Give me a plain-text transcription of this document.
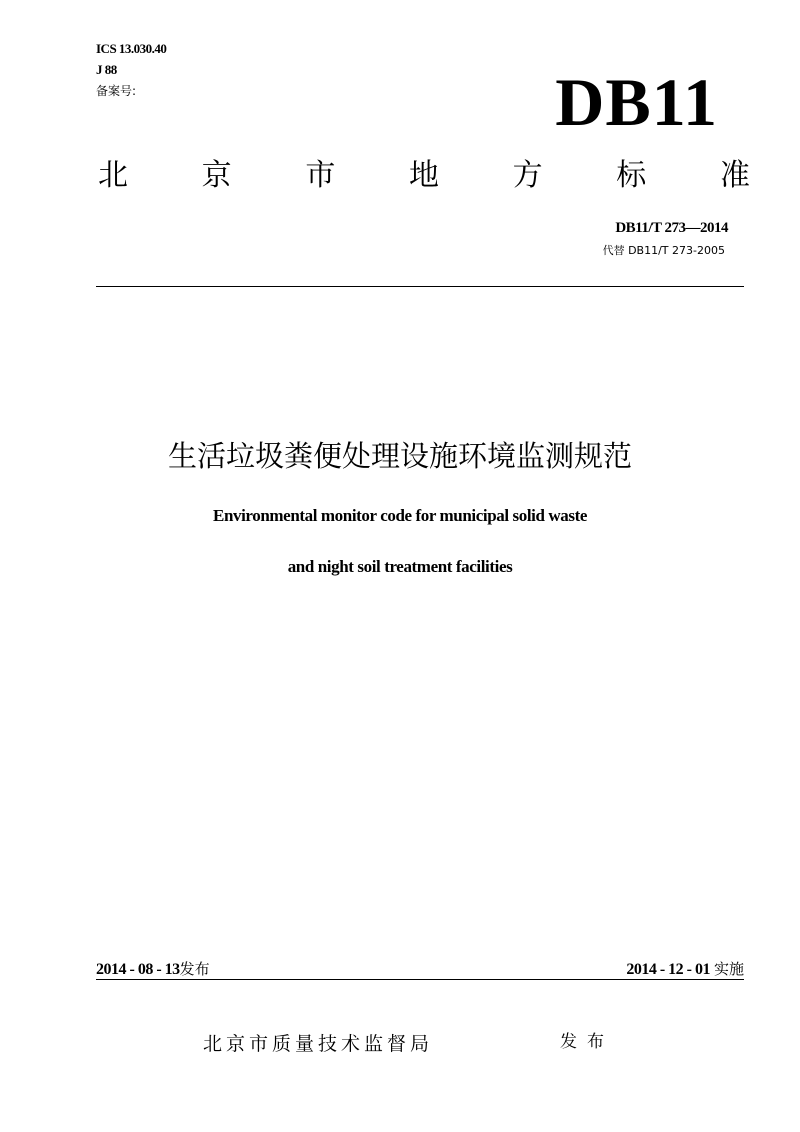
ICS 13.030.40
J 88
备案号:	DB11
北 京 市 地 方 标 准
DB11/T 273—2014
代替 DB11/T 273-2005
生活垃圾粪便处理设施环境监测规范
Environmental monitor code for municipal solid waste
and night soil treatment facilities
2014 - 08 - 13发布	2014 - 12 - 01 实施
北京市质量技术监督局	发布
